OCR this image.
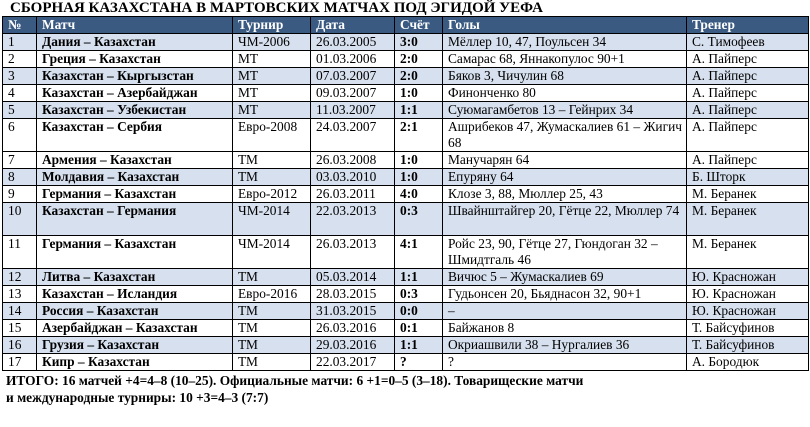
СБОРНАЯ КАЗАХСТАНА В МАРТОВСКИХ МАТЧАХ ПОД ЭГИДОЙ УЕФА
№	Матч	Турнир	Дата	Счёт	Голы	Тренер
1	Дания – Казахстан	ЧМ-2006	26.03.2005	3:0	Мёллер 10, 47, Поульсен 34	С. Тимофеев
2	Греция – Казахстан	МТ	01.03.2006	2:0	Самарас 68, Яннакопулос 90+1	А. Пайперс
3	Казахстан – Кыргызстан	МТ	07.03.2007	2:0	Бяков 3, Чичулин 68	А. Пайперс
4	Казахстан – Азербайджан	МТ	09.03.2007	1:0	Финонченко 80	А. Пайперс
5	Казахстан – Узбекистан	МТ	11.03.2007	1:1	Суюмагамбетов 13 – Гейнрих 34	А. Пайперс
6	Казахстан – Сербия	Евро-2008	24.03.2007	2:1	Ашрибеков 47, Жумаскалиев 61 – Жигич 68	А. Пайперс
7	Армения – Казахстан	ТМ	26.03.2008	1:0	Манучарян 64	А. Пайперс
8	Молдавия – Казахстан	ТМ	03.03.2010	1:0	Епуряну 64	Б. Шторк
9	Германия – Казахстан	Евро-2012	26.03.2011	4:0	Клозе 3, 88, Мюллер 25, 43	М. Беранек
10	Казахстан – Германия	ЧМ-2014	22.03.2013	0:3	Швайнштайгер 20, Гётце 22, Мюллер 74	М. Беранек
11	Германия – Казахстан	ЧМ-2014	26.03.2013	4:1	Ройс 23, 90, Гётце 27, Гюндоган 32 – Шмидтгаль 46	М. Беранек
12	Литва – Казахстан	ТМ	05.03.2014	1:1	Вичюс 5 – Жумаскалиев 69	Ю. Красножан
13	Казахстан – Исландия	Евро-2016	28.03.2015	0:3	Гудьонсен 20, Бьяднасон 32, 90+1	Ю. Красножан
14	Россия – Казахстан	ТМ	31.03.2015	0:0	–	Ю. Красножан
15	Азербайджан – Казахстан	ТМ	26.03.2016	0:1	Байжанов 8	Т. Байсуфинов
16	Грузия – Казахстан	ТМ	29.03.2016	1:1	Окриашвили 38 – Нургалиев 36	Т. Байсуфинов
17	Кипр – Казахстан	ТМ	22.03.2017	?	?	А. Бородюк
ИТОГО: 16 матчей +4=4–8 (10–25). Официальные матчи: 6 +1=0–5 (3–18). Товарищеские матчи
и международные турниры: 10 +3=4–3 (7:7)
